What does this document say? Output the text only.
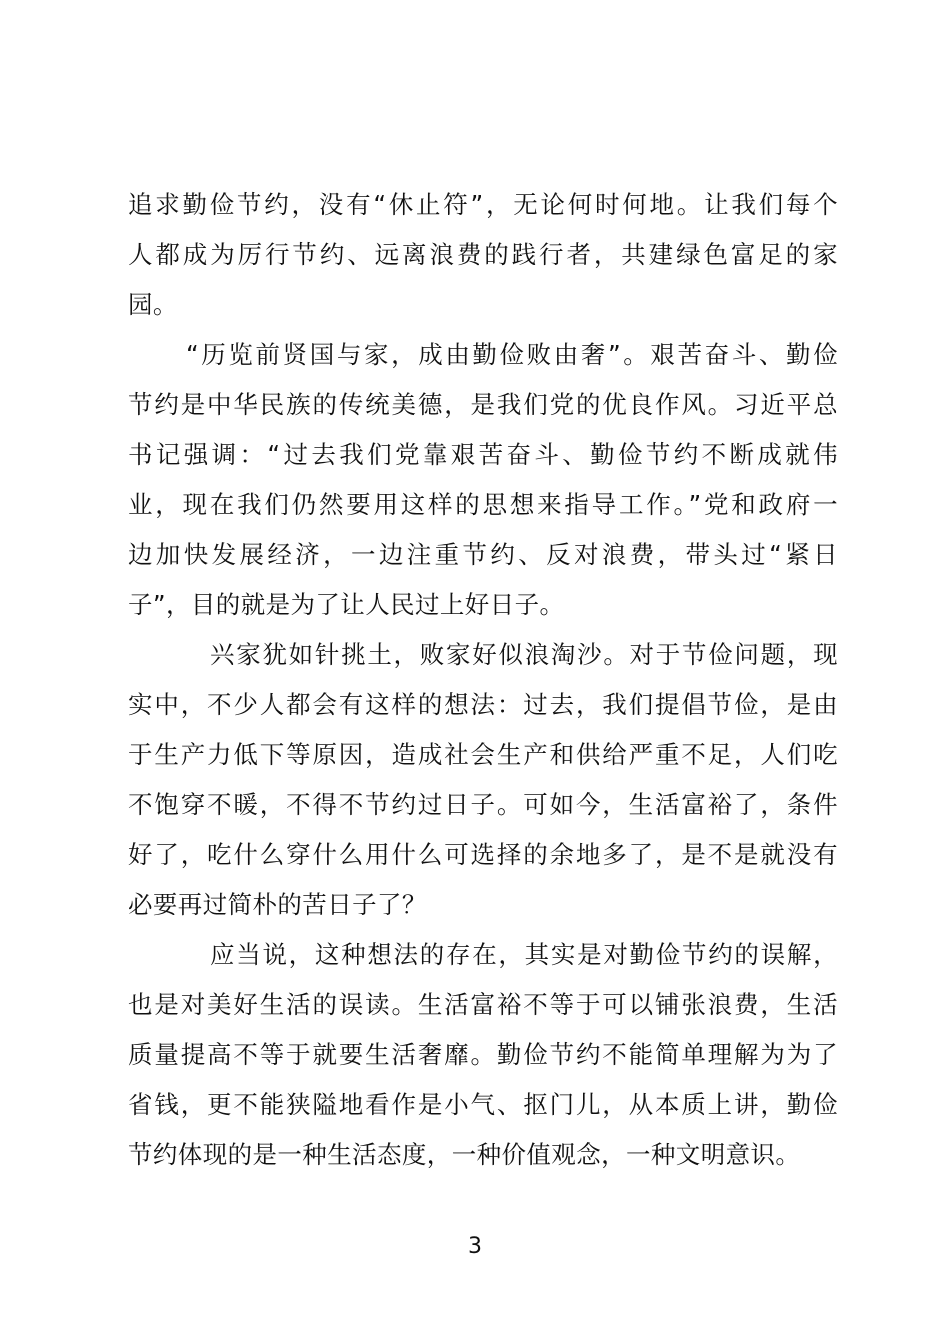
追求勤俭节约，没有“休止符”，无论何时何地。让我们每个
人都成为厉行节约、远离浪费的践行者，共建绿色富足的家
园。
“历览前贤国与家，成由勤俭败由奢”。艰苦奋斗、勤俭
节约是中华民族的传统美德，是我们党的优良作风。习近平总
书记强调：“过去我们党靠艰苦奋斗、勤俭节约不断成就伟
业，现在我们仍然要用这样的思想来指导工作。”党和政府一
边加快发展经济，一边注重节约、反对浪费，带头过“紧日
子”，目的就是为了让人民过上好日子。
兴家犹如针挑土，败家好似浪淘沙。对于节俭问题，现
实中，不少人都会有这样的想法：过去，我们提倡节俭，是由
于生产力低下等原因，造成社会生产和供给严重不足，人们吃
不饱穿不暖，不得不节约过日子。可如今，生活富裕了，条件
好了，吃什么穿什么用什么可选择的余地多了，是不是就没有
必要再过简朴的苦日子了？
应当说，这种想法的存在，其实是对勤俭节约的误解，
也是对美好生活的误读。生活富裕不等于可以铺张浪费，生活
质量提高不等于就要生活奢靡。勤俭节约不能简单理解为为了
省钱，更不能狭隘地看作是小气、抠门儿，从本质上讲，勤俭
节约体现的是一种生活态度，一种价值观念，一种文明意识。
3
